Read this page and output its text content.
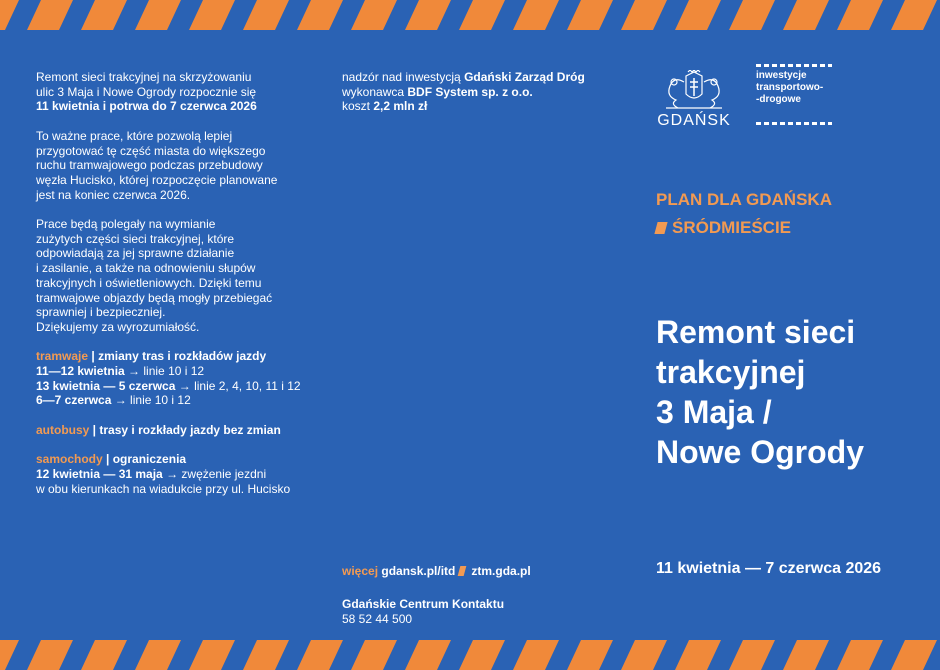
Remont sieci trakcyjnej na skrzyżowaniu
ulic 3 Maja i Nowe Ogrody rozpocznie się
11 kwietnia i potrwa do 7 czerwca 2026
To ważne prace, które pozwolą lepiej
przygotować tę część miasta do większego
ruchu tramwajowego podczas przebudowy
węzła Hucisko, której rozpoczęcie planowane
jest na koniec czerwca 2026.
Prace będą polegały na wymianie
zużytych części sieci trakcyjnej, które
odpowiadają za jej sprawne działanie
i zasilanie, a także na odnowieniu słupów
trakcyjnych i oświetleniowych. Dzięki temu
tramwajowe objazdy będą mogły przebiegać
sprawniej i bezpieczniej.
Dziękujemy za wyrozumiałość.
tramwaje | zmiany tras i rozkładów jazdy
11—12 kwietnia → linie 10 i 12
13 kwietnia — 5 czerwca → linie 2, 4, 10, 11 i 12
6—7 czerwca → linie 10 i 12
autobusy | trasy i rozkłady jazdy bez zmian
samochody | ograniczenia
12 kwietnia — 31 maja → zwężenie jezdni
w obu kierunkach na wiadukcie przy ul. Hucisko
nadzór nad inwestycją Gdański Zarząd Dróg
wykonawca BDF System sp. z o.o.
koszt 2,2 mln zł
GDAŃSK
inwestycje
transportowo-
-drogowe
PLAN DLA GDAŃSKA
ŚRÓDMIEŚCIE
Remont sieci
trakcyjnej
3 Maja /
Nowe Ogrody
11 kwietnia — 7 czerwca 2026
więcej gdansk.pl/itd ztm.gda.pl
Gdańskie Centrum Kontaktu
58 52 44 500
